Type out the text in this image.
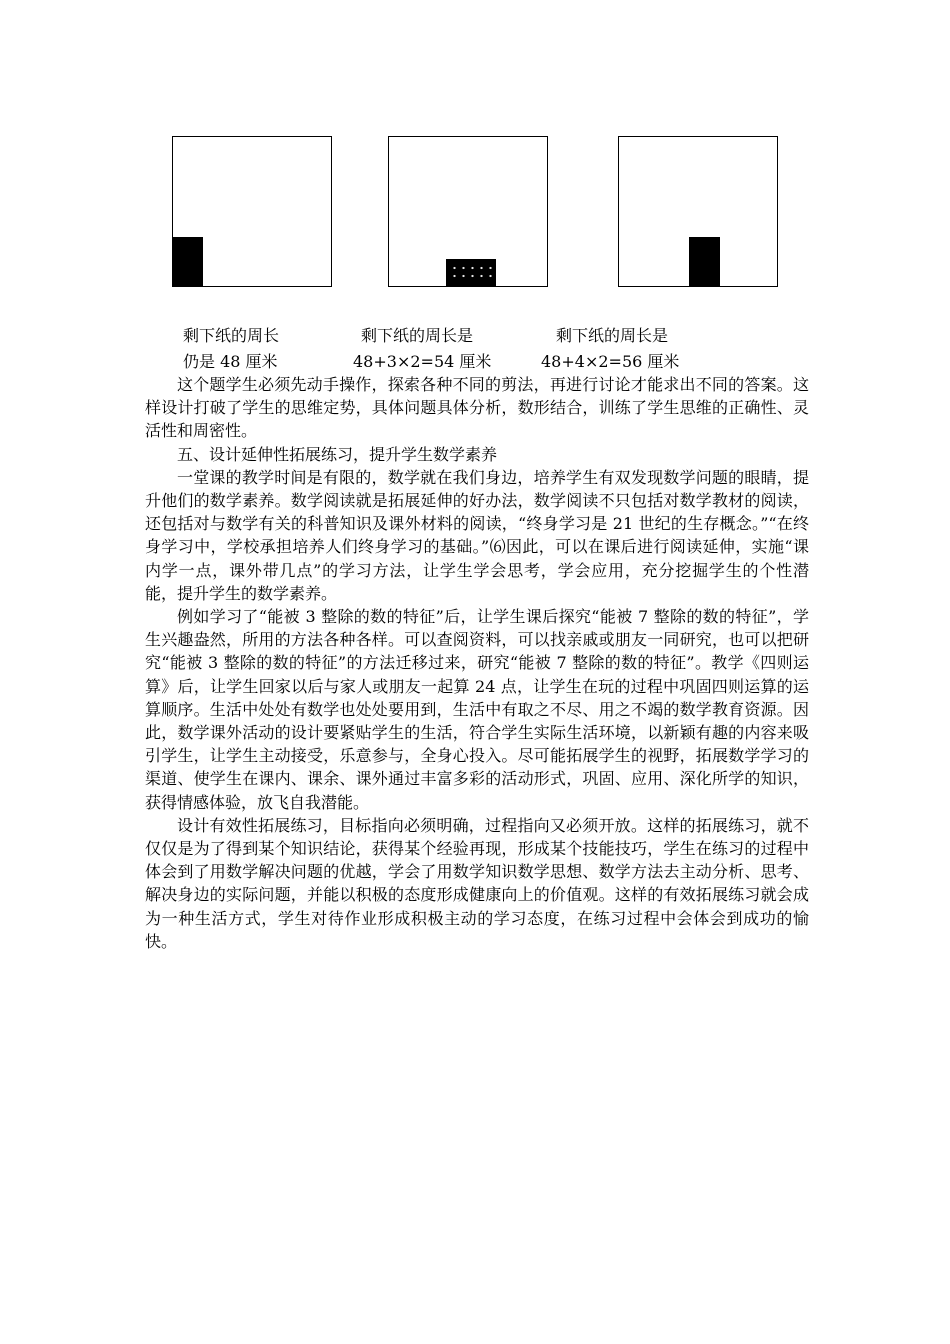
剩下纸的周长
仍是 48 厘米
剩下纸的周长是
48+3×2=54 厘米
剩下纸的周长是
48+4×2=56 厘米

这个题学生必须先动手操作，探索各种不同的剪法，再进行讨论才能求出不同的答案。这样设计打破了学生的思维定势，具体问题具体分析，数形结合，训练了学生思维的正确性、灵活性和周密性。

五、设计延伸性拓展练习，提升学生数学素养

一堂课的教学时间是有限的，数学就在我们身边，培养学生有双发现数学问题的眼睛，提升他们的数学素养。数学阅读就是拓展延伸的好办法，数学阅读不只包括对数学教材的阅读，还包括对与数学有关的科普知识及课外材料的阅读，“终身学习是 21 世纪的生存概念。”“在终身学习中，学校承担培养人们终身学习的基础。”⑹因此，可以在课后进行阅读延伸，实施“课内学一点，课外带几点”的学习方法，让学生学会思考，学会应用，充分挖掘学生的个性潜能，提升学生的数学素养。

例如学习了“能被 3 整除的数的特征”后，让学生课后探究“能被 7 整除的数的特征”，学生兴趣盎然，所用的方法各种各样。可以查阅资料，可以找亲戚或朋友一同研究，也可以把研究“能被 3 整除的数的特征”的方法迁移过来，研究“能被 7 整除的数的特征”。教学《四则运算》后，让学生回家以后与家人或朋友一起算 24 点，让学生在玩的过程中巩固四则运算的运算顺序。生活中处处有数学也处处要用到，生活中有取之不尽、用之不竭的数学教育资源。因此，数学课外活动的设计要紧贴学生的生活，符合学生实际生活环境，以新颖有趣的内容来吸引学生，让学生主动接受，乐意参与，全身心投入。尽可能拓展学生的视野，拓展数学学习的渠道、使学生在课内、课余、课外通过丰富多彩的活动形式，巩固、应用、深化所学的知识，获得情感体验，放飞自我潜能。

设计有效性拓展练习，目标指向必须明确，过程指向又必须开放。这样的拓展练习，就不仅仅是为了得到某个知识结论，获得某个经验再现，形成某个技能技巧，学生在练习的过程中体会到了用数学解决问题的优越，学会了用数学知识数学思想、数学方法去主动分析、思考、解决身边的实际问题，并能以积极的态度形成健康向上的价值观。这样的有效拓展练习就会成为一种生活方式，学生对待作业形成积极主动的学习态度，在练习过程中会体会到成功的愉快。
